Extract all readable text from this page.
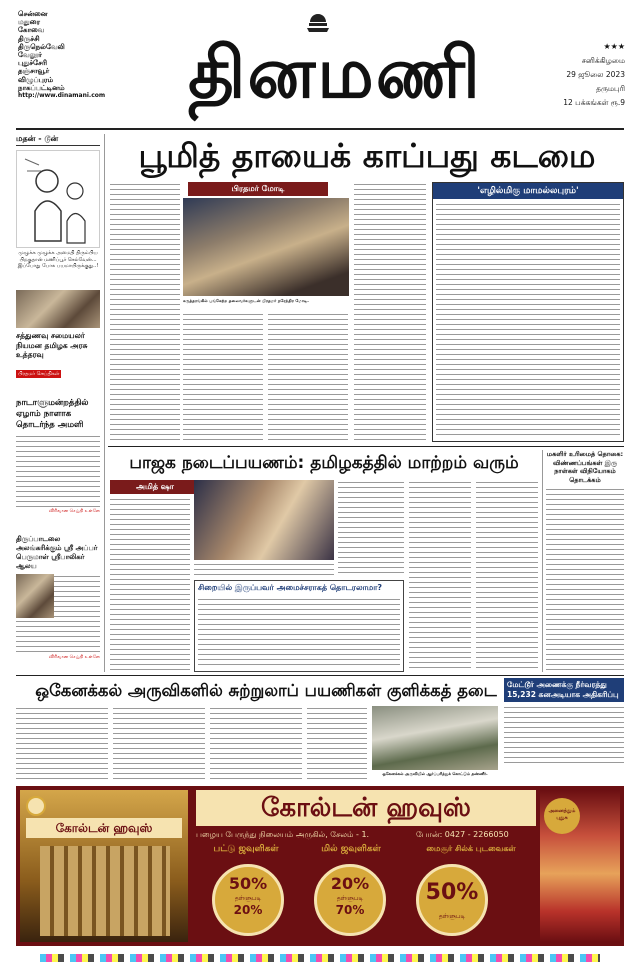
சென்னை
மதுரை
கோவை
திருச்சி
திருநெல்வேலி
வேலூர்
புதுச்சேரி
தஞ்சாவூர்
விழுப்புரம்
நாகப்பட்டினம்
http://www.dinamani.com தினமணி	★★★
சனிக்கிழமை
29 ஜூலை 2023
தருமபுரி
12 பக்கங்கள் ரூ.9
மதன் - டூன்
முழுக்க முழுக்க அமைதி திரும்பிய பிறகுதான் மணிப்பூர் செல்வேன்... இப்போது போக பயமாயிருக்குது..!
சத்துணவு சமையலர் நியமன தமிழக அரசு உத்தரவு
பிரதமர் செய்திகள்
நாடாளுமன்றத்தில் ஏழாம் நாளாக தொடர்ந்த அமளி
விரிவான செய்தி உள்ளே
திருப்பாடலை அலங்கரிக்கும் ஸ்ரீ அப்பர் பெருமாள் ஸ்ரீபாலிகர் ஆலய
விரிவான செய்தி உள்ளே
பூமித் தாயைக் காப்பது கடமை
பிரதமர் மோடி
கருத்தரங்கில் பங்கேற்ற தலைவர்களுடன் பிரதமர் நரேந்திர மோடி.
'எழில்மிகு மாமல்லபுரம்'
பாஜக நடைப்பயணம்: தமிழகத்தில் மாற்றம் வரும்
அமித் ஷா
சிறையில் இருப்பவர் அமைச்சராகத் தொடரலாமா?
மகளிர் உரிமைத் தொகை: விண்ணப்பங்கள் இரு நாள்கள் விநியோகம் தொடக்கம்
ஒகேனக்கல் அருவிகளில் சுற்றுலாப் பயணிகள் குளிக்கத் தடை
ஒகேனக்கல் அருவியில் ஆர்ப்பரித்துக் கொட்டும் தண்ணீர்.
மேட்டூர் அணைக்கு நீர்வரத்து 15,232 கனஅடியாக அதிகரிப்பு
கோல்டன் ஹவுஸ்
கோல்டன் ஹவுஸ்
பழைய பேருந்து நிலையம் அருகில், சேலம் - 1.	போன்: 0427 - 2266050
பட்டு ஜவுளிகள்	மில் ஜவுளிகள்	மைசூர் சில்க் புடவைகள்
50%
தள்ளுபடி
20%
20%
தள்ளுபடி
70%
50%
தள்ளுபடி
அனைத்தும் புதுசு
